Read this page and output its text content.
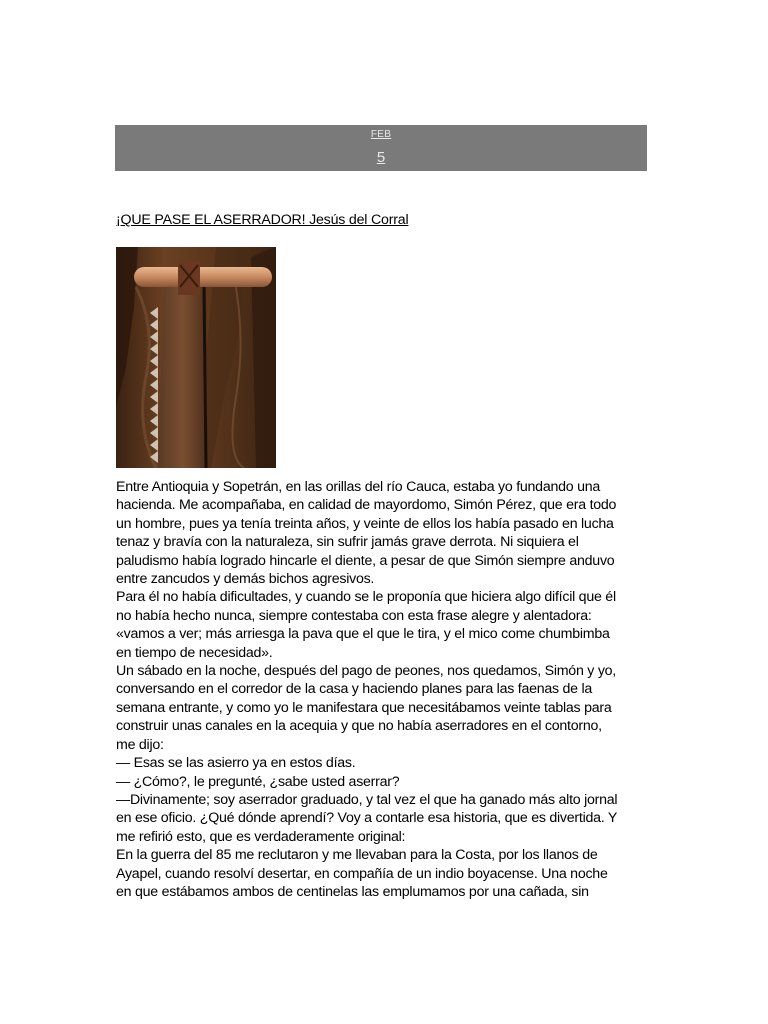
FEB
5
¡QUE PASE EL ASERRADOR! Jesús del Corral
Entre Antioquia y Sopetrán, en las orillas del río Cauca, estaba yo fundando una
hacienda. Me acompañaba, en calidad de mayordomo, Simón Pérez, que era todo
un hombre, pues ya tenía treinta años, y veinte de ellos los había pasado en lucha
tenaz y bravía con la naturaleza, sin sufrir jamás grave derrota. Ni siquiera el
paludismo había logrado hincarle el diente, a pesar de que Simón siempre anduvo
entre zancudos y demás bichos agresivos.
Para él no había dificultades, y cuando se le proponía que hiciera algo difícil que él
no había hecho nunca, siempre contestaba con esta frase alegre y alentadora:
«vamos a ver; más arriesga la pava que el que le tira, y el mico come chumbimba
en tiempo de necesidad».
Un sábado en la noche, después del pago de peones, nos quedamos, Simón y yo,
conversando en el corredor de la casa y haciendo planes para las faenas de la
semana entrante, y como yo le manifestara que necesitábamos veinte tablas para
construir unas canales en la acequia y que no había aserradores en el contorno,
me dijo:
— Esas se las asierro ya en estos días.
— ¿Cómo?, le pregunté, ¿sabe usted aserrar?
—Divinamente; soy aserrador graduado, y tal vez el que ha ganado más alto jornal
en ese oficio. ¿Qué dónde aprendí? Voy a contarle esa historia, que es divertida. Y
me refirió esto, que es verdaderamente original:
En la guerra del 85 me reclutaron y me llevaban para la Costa, por los llanos de
Ayapel, cuando resolví desertar, en compañía de un indio boyacense. Una noche
en que estábamos ambos de centinelas las emplumamos por una cañada, sin
